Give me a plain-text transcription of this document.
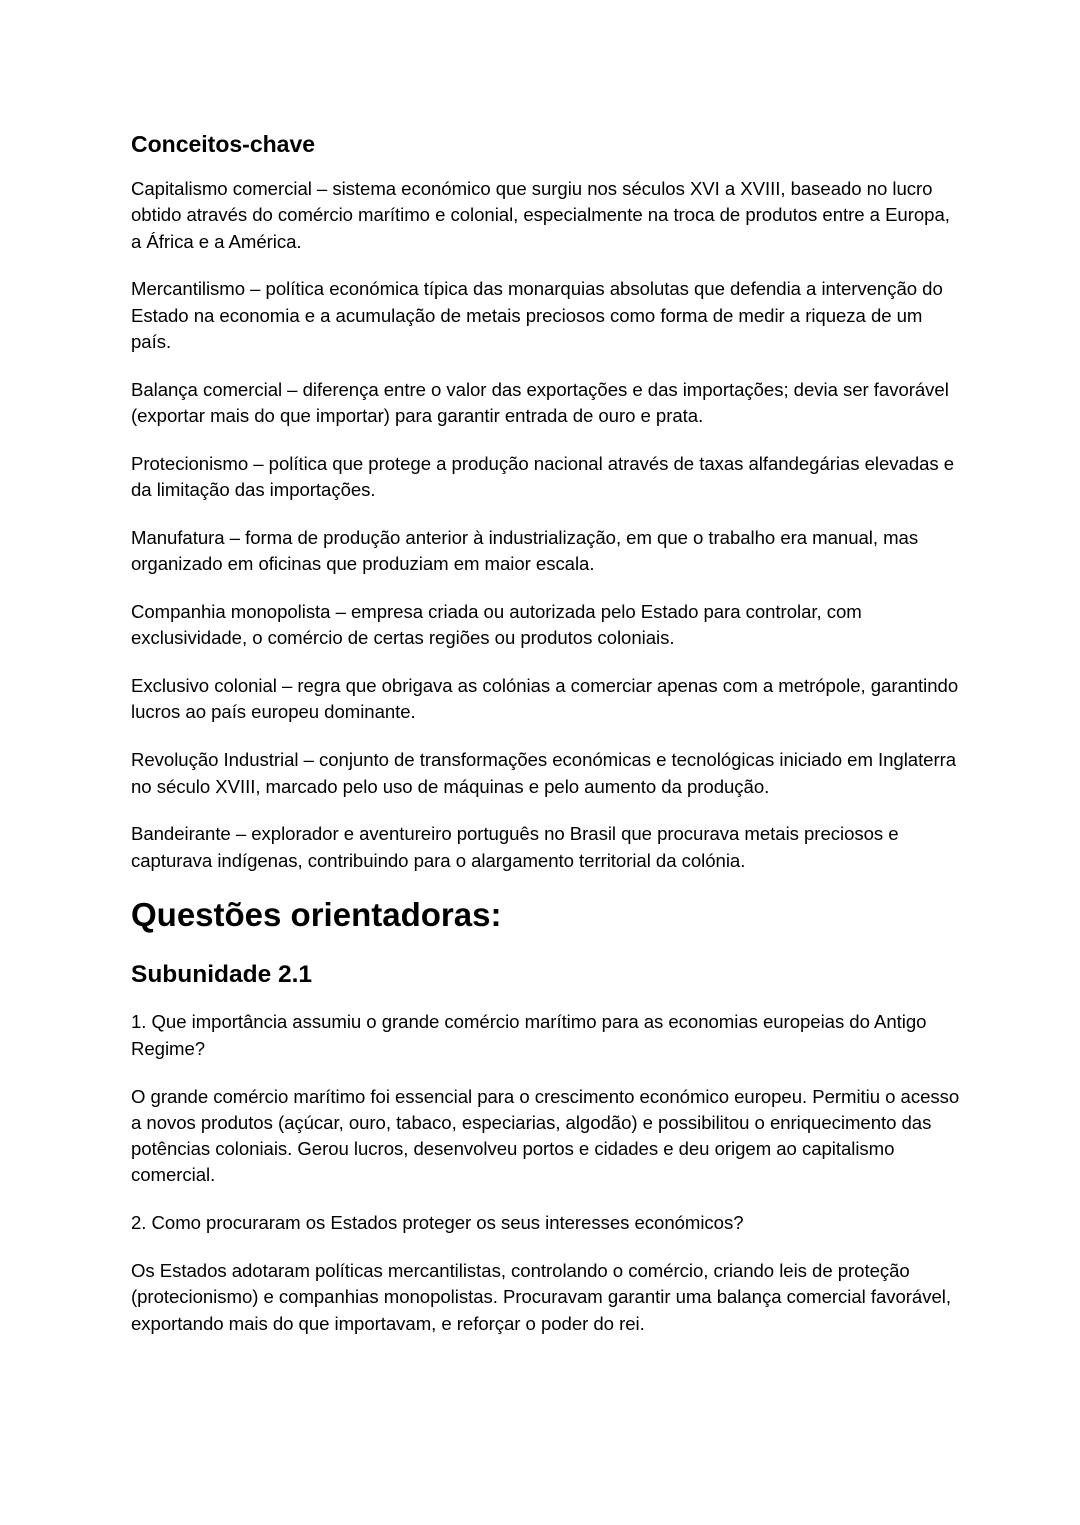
Conceitos-chave

Capitalismo comercial – sistema económico que surgiu nos séculos XVI a XVIII, baseado no lucro obtido através do comércio marítimo e colonial, especialmente na troca de produtos entre a Europa, a África e a América.

Mercantilismo – política económica típica das monarquias absolutas que defendia a intervenção do Estado na economia e a acumulação de metais preciosos como forma de medir a riqueza de um país.

Balança comercial – diferença entre o valor das exportações e das importações; devia ser favorável (exportar mais do que importar) para garantir entrada de ouro e prata.

Protecionismo – política que protege a produção nacional através de taxas alfandegárias elevadas e da limitação das importações.

Manufatura – forma de produção anterior à industrialização, em que o trabalho era manual, mas organizado em oficinas que produziam em maior escala.

Companhia monopolista – empresa criada ou autorizada pelo Estado para controlar, com exclusividade, o comércio de certas regiões ou produtos coloniais.

Exclusivo colonial – regra que obrigava as colónias a comerciar apenas com a metrópole, garantindo lucros ao país europeu dominante.

Revolução Industrial – conjunto de transformações económicas e tecnológicas iniciado em Inglaterra no século XVIII, marcado pelo uso de máquinas e pelo aumento da produção.

Bandeirante – explorador e aventureiro português no Brasil que procurava metais preciosos e capturava indígenas, contribuindo para o alargamento territorial da colónia.

Questões orientadoras:
Subunidade 2.1

1. Que importância assumiu o grande comércio marítimo para as economias europeias do Antigo Regime?

O grande comércio marítimo foi essencial para o crescimento económico europeu. Permitiu o acesso a novos produtos (açúcar, ouro, tabaco, especiarias, algodão) e possibilitou o enriquecimento das potências coloniais. Gerou lucros, desenvolveu portos e cidades e deu origem ao capitalismo comercial.

2. Como procuraram os Estados proteger os seus interesses económicos?

Os Estados adotaram políticas mercantilistas, controlando o comércio, criando leis de proteção (protecionismo) e companhias monopolistas. Procuravam garantir uma balança comercial favorável, exportando mais do que importavam, e reforçar o poder do rei.
